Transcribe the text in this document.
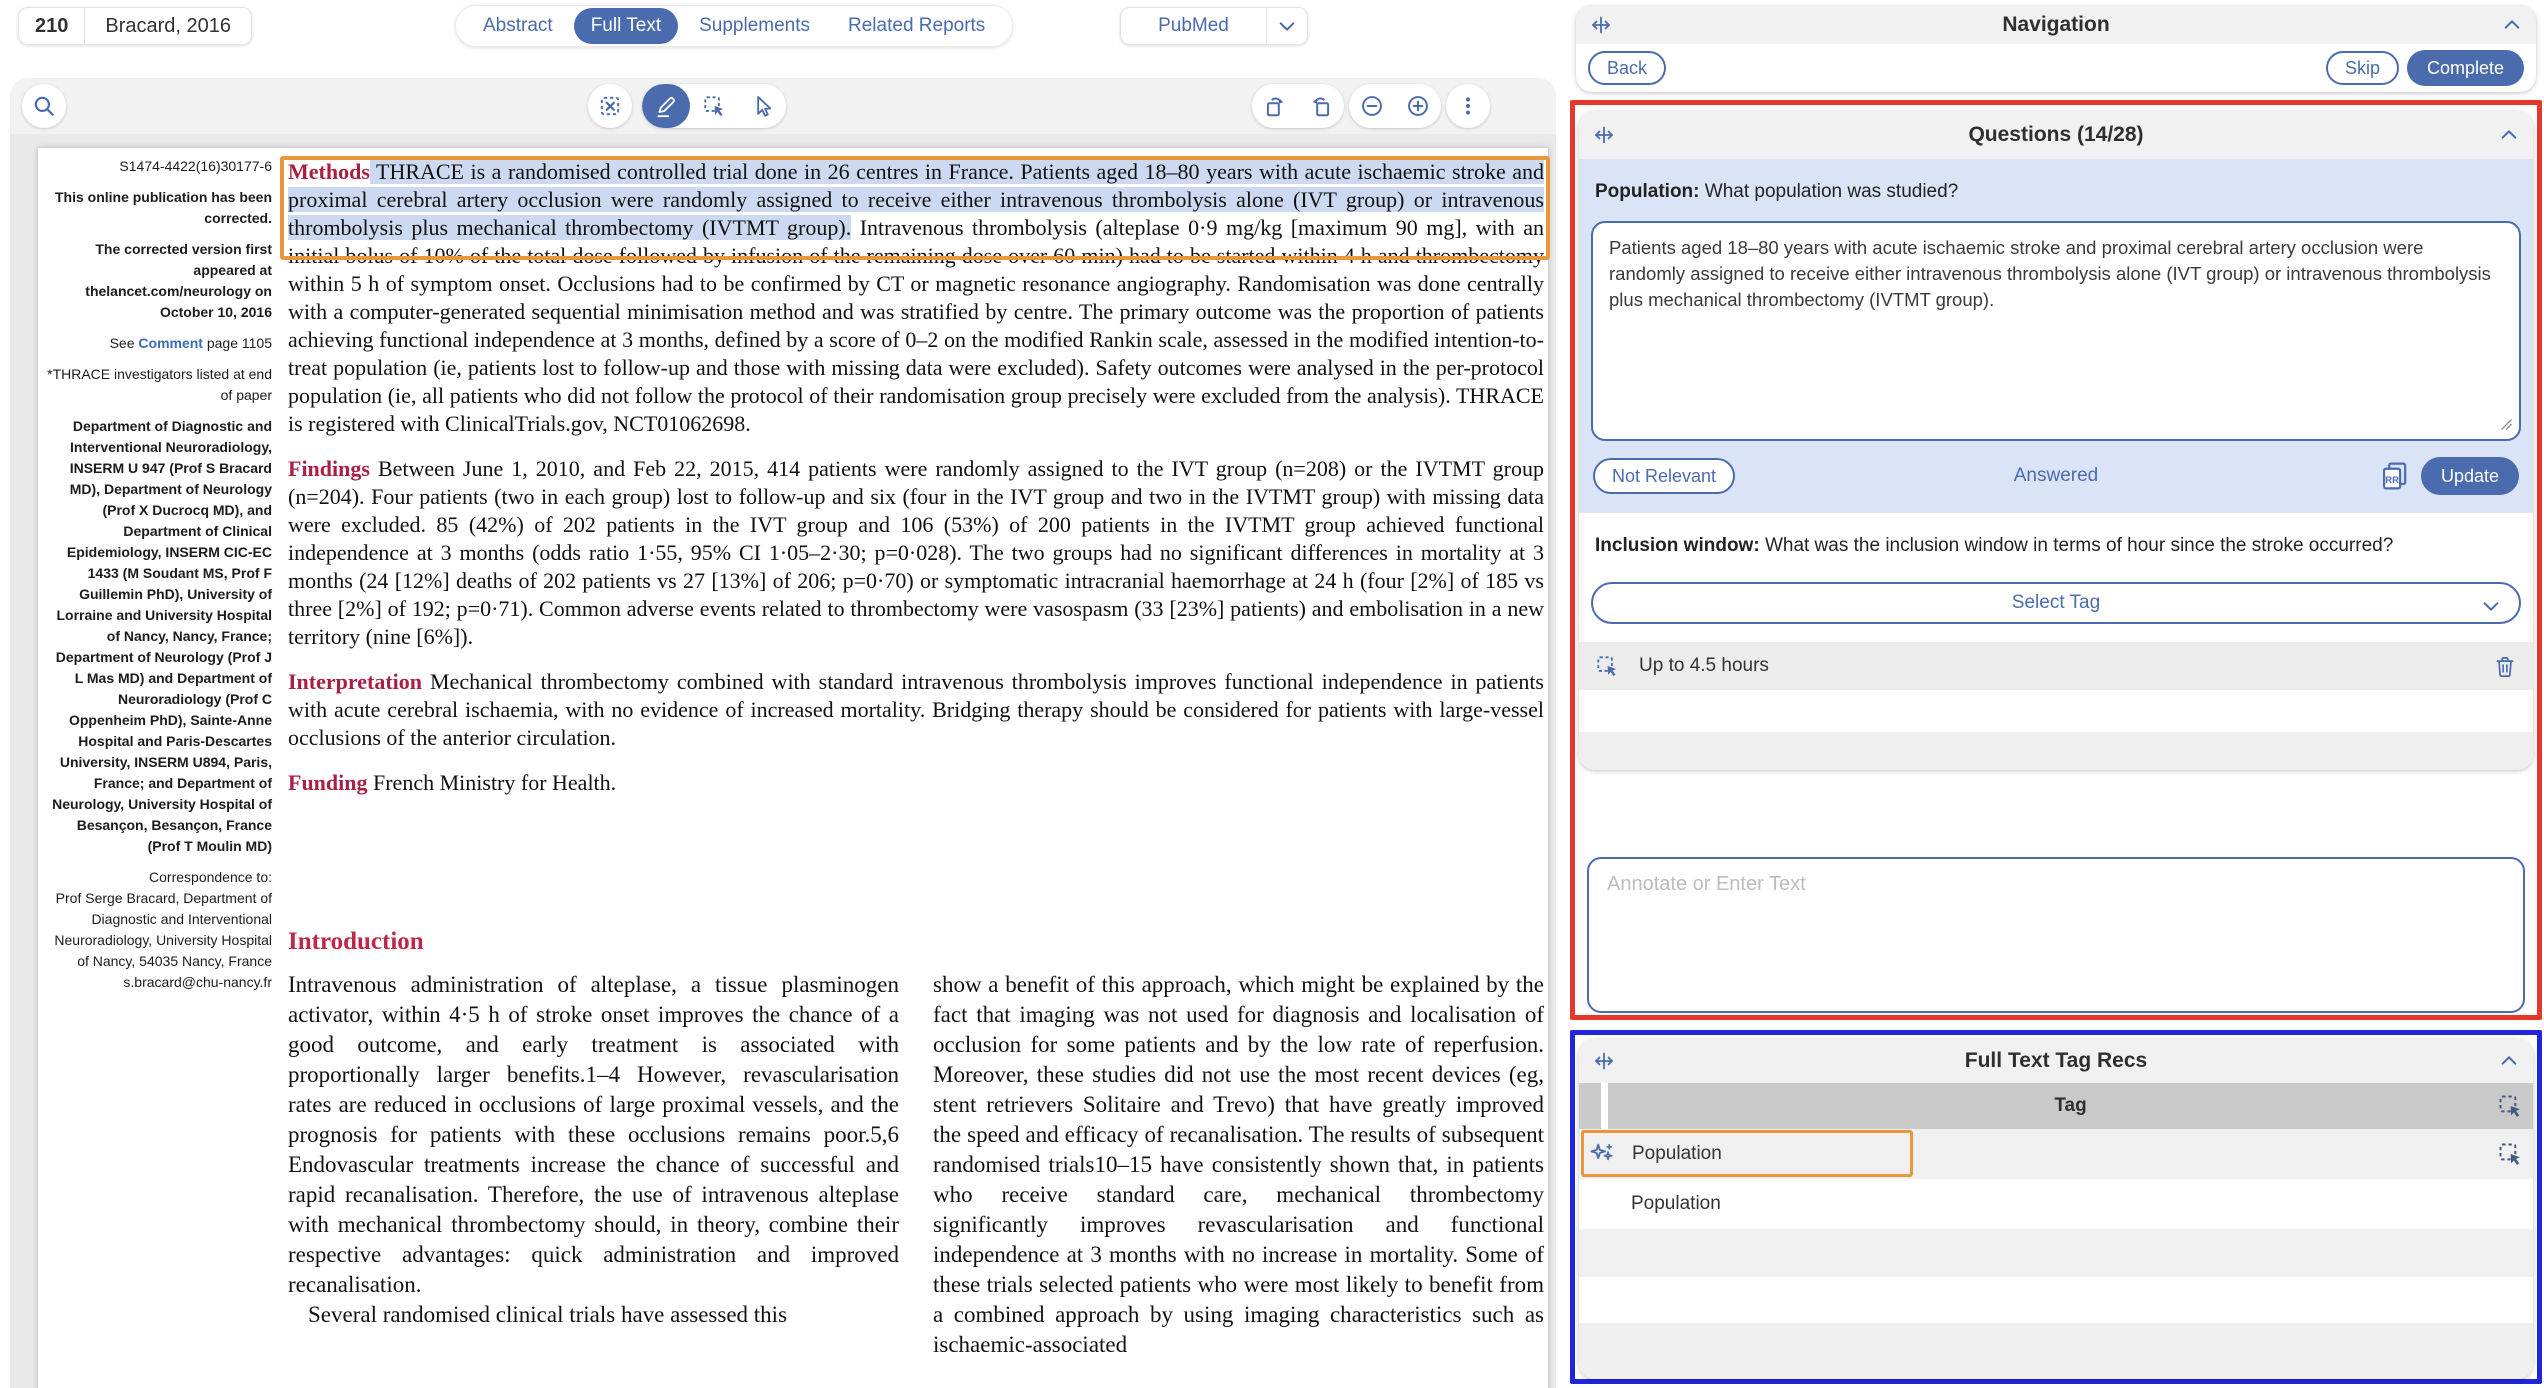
210	Bracard, 2016	Abstract	Full Text	Supplements	Related Reports	PubMed

S1474-4422(16)30177-6

This online publication has been corrected.

The corrected version first appeared at thelancet.com/neurology on October 10, 2016

See Comment page 1105

*THRACE investigators listed at end of paper

Department of Diagnostic and Interventional Neuroradiology, INSERM U 947 (Prof S Bracard MD), Department of Neurology (Prof X Ducrocq MD), and Department of Clinical Epidemiology, INSERM CIC-EC 1433 (M Soudant MS, Prof F Guillemin PhD), University of Lorraine and University Hospital of Nancy, Nancy, France; Department of Neurology (Prof J L Mas MD) and Department of Neuroradiology (Prof C Oppenheim PhD), Sainte-Anne Hospital and Paris-Descartes University, INSERM U894, Paris, France; and Department of Neurology, University Hospital of Besançon, Besançon, France (Prof T Moulin MD)

Correspondence to:

Prof Serge Bracard, Department of Diagnostic and Interventional Neuroradiology, University Hospital of Nancy, 54035 Nancy, France

s.bracard@chu-nancy.fr

Methods THRACE is a randomised controlled trial done in 26 centres in France. Patients aged 18–80 years with acute ischaemic stroke and proximal cerebral artery occlusion were randomly assigned to receive either intravenous thrombolysis alone (IVT group) or intravenous thrombolysis plus mechanical thrombectomy (IVTMT group). Intravenous thrombolysis (alteplase 0·9 mg/kg [maximum 90 mg], with an initial bolus of 10% of the total dose followed by infusion of the remaining dose over 60 min) had to be started within 4 h and thrombectomy within 5 h of symptom onset. Occlusions had to be confirmed by CT or magnetic resonance angiography. Randomisation was done centrally with a computer-generated sequential minimisation method and was stratified by centre. The primary outcome was the proportion of patients achieving functional independence at 3 months, defined by a score of 0–2 on the modified Rankin scale, assessed in the modified intention-to-treat population (ie, patients lost to follow-up and those with missing data were excluded). Safety outcomes were analysed in the per-protocol population (ie, all patients who did not follow the protocol of their randomisation group precisely were excluded from the analysis). THRACE is registered with ClinicalTrials.gov, NCT01062698.

Findings Between June 1, 2010, and Feb 22, 2015, 414 patients were randomly assigned to the IVT group (n=208) or the IVTMT group (n=204). Four patients (two in each group) lost to follow-up and six (four in the IVT group and two in the IVTMT group) with missing data were excluded. 85 (42%) of 202 patients in the IVT group and 106 (53%) of 200 patients in the IVTMT group achieved functional independence at 3 months (odds ratio 1·55, 95% CI 1·05–2·30; p=0·028). The two groups had no significant differences in mortality at 3 months (24 [12%] deaths of 202 patients vs 27 [13%] of 206; p=0·70) or symptomatic intracranial haemorrhage at 24 h (four [2%] of 185 vs three [2%] of 192; p=0·71). Common adverse events related to thrombectomy were vasospasm (33 [23%] patients) and embolisation in a new territory (nine [6%]).

Interpretation Mechanical thrombectomy combined with standard intravenous thrombolysis improves functional independence in patients with acute cerebral ischaemia, with no evidence of increased mortality. Bridging therapy should be considered for patients with large-vessel occlusions of the anterior circulation.

Funding French Ministry for Health.

Introduction

Intravenous administration of alteplase, a tissue plasminogen activator, within 4·5 h of stroke onset improves the chance of a good outcome, and early treatment is associated with proportionally larger benefits.1–4 However, revascularisation rates are reduced in occlusions of large proximal vessels, and the prognosis for patients with these occlusions remains poor.5,6 Endovascular treatments increase the chance of successful and rapid recanalisation. Therefore, the use of intravenous alteplase with mechanical thrombectomy should, in theory, combine their respective advantages: quick administration and improved recanalisation.

Several randomised clinical trials have assessed this

show a benefit of this approach, which might be explained by the fact that imaging was not used for diagnosis and localisation of occlusion for some patients and by the low rate of reperfusion. Moreover, these studies did not use the most recent devices (eg, stent retrievers Solitaire and Trevo) that have greatly improved the speed and efficacy of recanalisation. The results of subsequent randomised trials10–15 have consistently shown that, in patients who receive standard care, mechanical thrombectomy significantly improves revascularisation and functional independence at 3 months with no increase in mortality. Some of these trials selected patients who were most likely to benefit from a combined approach by using imaging characteristics such as ischaemic-associated

Navigation
Back	Skip	Complete
Questions (14/28)
Population: What population was studied?
Patients aged 18–80 years with acute ischaemic stroke and proximal cerebral artery occlusion were randomly assigned to receive either intravenous thrombolysis alone (IVT group) or intravenous thrombolysis plus mechanical thrombectomy (IVTMT group).
Not Relevant	Answered	Update
Inclusion window: What was the inclusion window in terms of hour since the stroke occurred?
Select Tag
Up to 4.5 hours
Annotate or Enter Text
Full Text Tag Recs
Tag
Population
Population
